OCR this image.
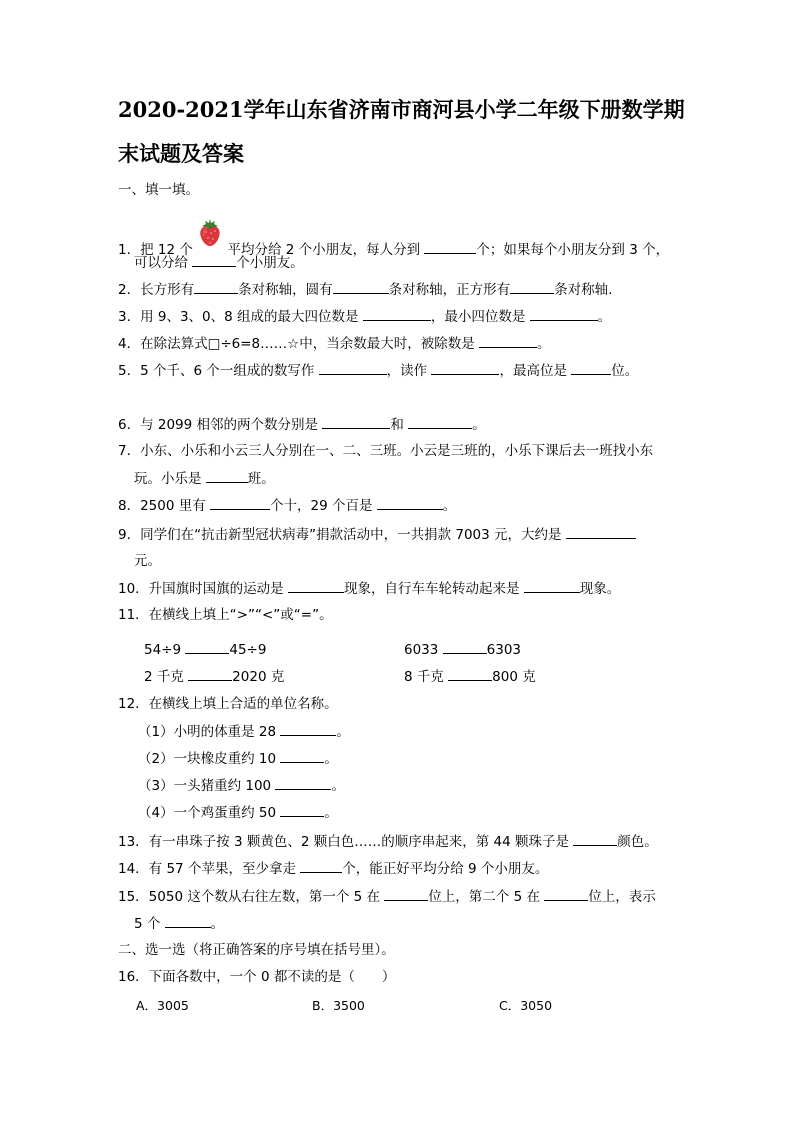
2020-2021学年山东省济南市商河县小学二年级下册数学期
末试题及答案
一、填一填。
1．把 12 个	平均分给 2 个小朋友，每人分到	个；如果每个小朋友分到 3 个，
可以分给	个小朋友。
2．长方形有	条对称轴，圆有	条对称轴，正方形有	条对称轴.
3．用 9、3、0、8 组成的最大四位数是	，最小四位数是	。
4．在除法算式□÷6=8……☆中，当余数最大时，被除数是	。
5．5 个千、6 个一组成的数写作	，读作	，最高位是	位。
6．与 2099 相邻的两个数分别是	和	。
7．小东、小乐和小云三人分别在一、二、三班。小云是三班的，小乐下课后去一班找小东
玩。小乐是	班。
8．2500 里有	个十，29 个百是	。
9．同学们在“抗击新型冠状病毒”捐款活动中，一共捐款 7003 元，大约是
元。
10．升国旗时国旗的运动是	现象，自行车车轮转动起来是	现象。
11．在横线上填上“>”“<”或“=”。
54÷9	45÷9	6033	6303
2 千克	2020 克	8 千克	800 克
12．在横线上填上合适的单位名称。
（1）小明的体重是 28	。
（2）一块橡皮重约 10	。
（3）一头猪重约 100	。
（4）一个鸡蛋重约 50	。
13．有一串珠子按 3 颗黄色、2 颗白色……的顺序串起来，第 44 颗珠子是	颜色。
14．有 57 个苹果，至少拿走	个，能正好平均分给 9 个小朋友。
15．5050 这个数从右往左数，第一个 5 在	位上，第二个 5 在	位上，表示
5 个	。
二、选一选（将正确答案的序号填在括号里）。
16．下面各数中，一个 0 都不读的是（　　）
A．3005	B．3500	C．3050
